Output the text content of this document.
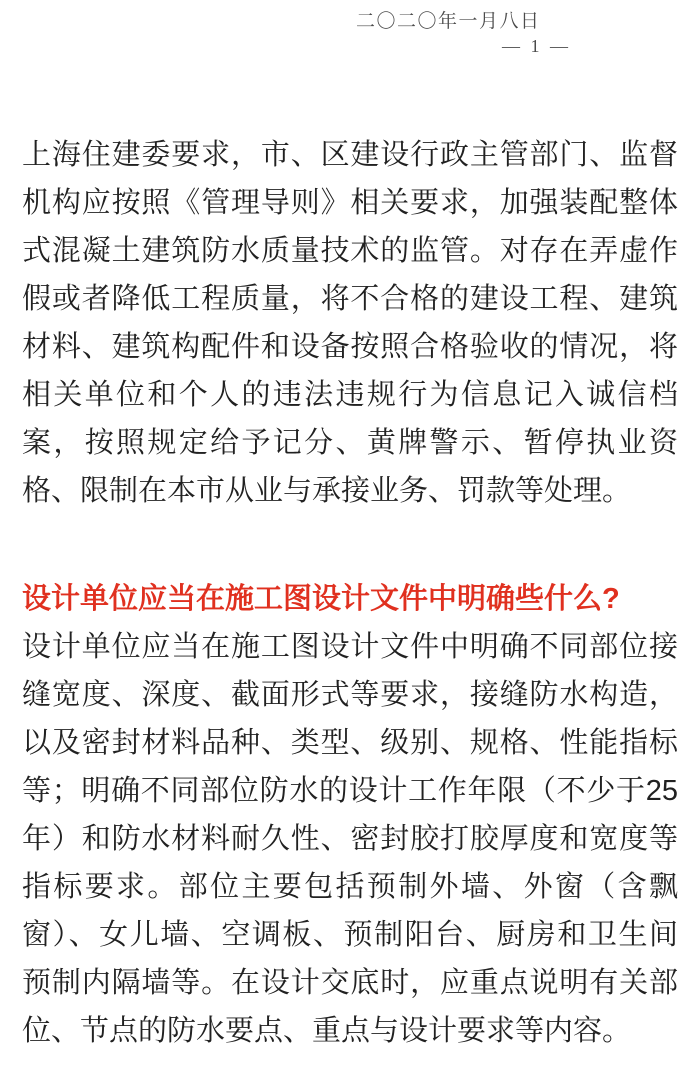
二〇二〇年一月八日
— 1 —
上海住建委要求，市、区建设行政主管部门、监督
机构应按照《管理导则》相关要求，加强装配整体
式混凝土建筑防水质量技术的监管。对存在弄虚作
假或者降低工程质量，将不合格的建设工程、建筑
材料、建筑构配件和设备按照合格验收的情况，将
相关单位和个人的违法违规行为信息记入诚信档
案，按照规定给予记分、黄牌警示、暂停执业资
格、限制在本市从业与承接业务、罚款等处理。
设计单位应当在施工图设计文件中明确些什么?
设计单位应当在施工图设计文件中明确不同部位接
缝宽度、深度、截面形式等要求，接缝防水构造，
以及密封材料品种、类型、级别、规格、性能指标
等；明确不同部位防水的设计工作年限（不少于25
年）和防水材料耐久性、密封胶打胶厚度和宽度等
指标要求。部位主要包括预制外墙、外窗（含飘
窗）、女儿墙、空调板、预制阳台、厨房和卫生间
预制内隔墙等。在设计交底时，应重点说明有关部
位、节点的防水要点、重点与设计要求等内容。
